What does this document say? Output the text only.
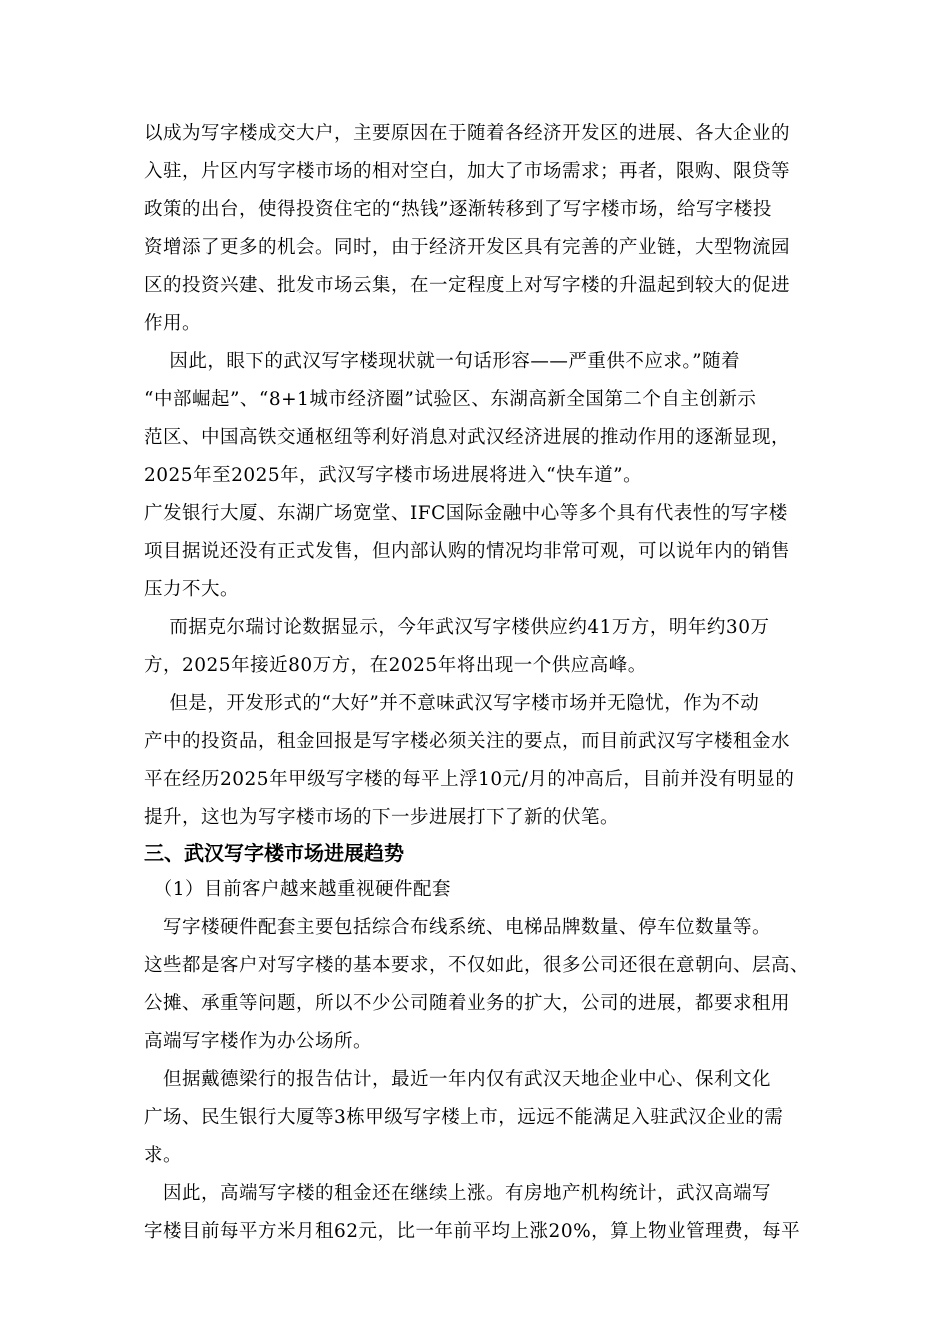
以成为写字楼成交大户，主要原因在于随着各经济开发区的进展、各大企业的
入驻，片区内写字楼市场的相对空白，加大了市场需求；再者，限购、限贷等
政策的出台，使得投资住宅的“热钱”逐渐转移到了写字楼市场，给写字楼投
资增添了更多的机会。同时，由于经济开发区具有完善的产业链，大型物流园
区的投资兴建、批发市场云集，在一定程度上对写字楼的升温起到较大的促进
作用。
　 因此，眼下的武汉写字楼现状就一句话形容——严重供不应求。”随着
“中部崛起”、“8+1城市经济圈”试验区、东湖高新全国第二个自主创新示
范区、中国高铁交通枢纽等利好消息对武汉经济进展的推动作用的逐渐显现，
2025年至2025年，武汉写字楼市场进展将进入“快车道”。
广发银行大厦、东湖广场宽堂、IFC国际金融中心等多个具有代表性的写字楼
项目据说还没有正式发售，但内部认购的情况均非常可观，可以说年内的销售
压力不大。
　 而据克尔瑞讨论数据显示，今年武汉写字楼供应约41万方，明年约30万
方，2025年接近80万方，在2025年将出现一个供应高峰。
　 但是，开发形式的“大好”并不意味武汉写字楼市场并无隐忧，作为不动
产中的投资品，租金回报是写字楼必须关注的要点，而目前武汉写字楼租金水
平在经历2025年甲级写字楼的每平上浮10元/月的冲高后，目前并没有明显的
提升，这也为写字楼市场的下一步进展打下了新的伏笔。
三、武汉写字楼市场进展趋势
　（1）目前客户越来越重视硬件配套
　写字楼硬件配套主要包括综合布线系统、电梯品牌数量、停车位数量等。
这些都是客户对写字楼的基本要求，不仅如此，很多公司还很在意朝向、层高、
公摊、承重等问题，所以不少公司随着业务的扩大，公司的进展，都要求租用
高端写字楼作为办公场所。
　但据戴德梁行的报告估计，最近一年内仅有武汉天地企业中心、保利文化
广场、民生银行大厦等3栋甲级写字楼上市，远远不能满足入驻武汉企业的需
求。
　因此，高端写字楼的租金还在继续上涨。有房地产机构统计，武汉高端写
字楼目前每平方米月租62元，比一年前平均上涨20%，算上物业管理费，每平
